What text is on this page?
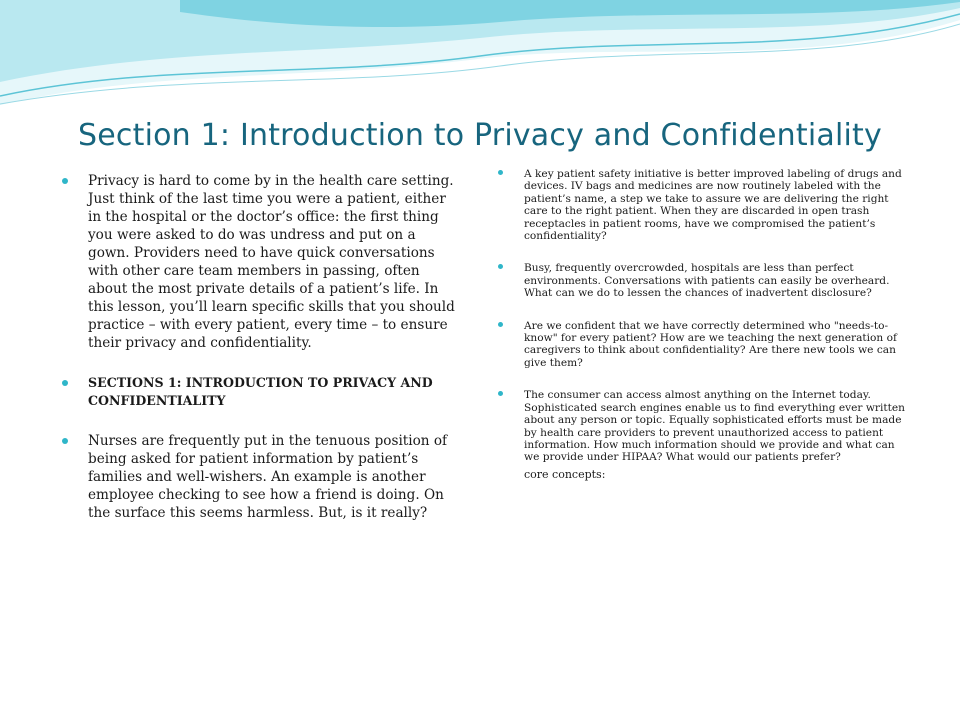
Section 1: Introduction to Privacy and Confidentiality

Privacy is hard to come by in the health care setting. Just think of the last time you were a patient, either in the hospital or the doctor’s office: the first thing you were asked to do was undress and put on a gown. Providers need to have quick conversations with other care team members in passing, often about the most private details of a patient’s life. In this lesson, you’ll learn specific skills that you should practice – with every patient, every time – to ensure their privacy and confidentiality.

SECTIONS 1: INTRODUCTION TO PRIVACY AND CONFIDENTIALITY

Nurses are frequently put in the tenuous position of being asked for patient information by patient’s families and well-wishers. An example is another employee checking to see how a friend is doing. On the surface this seems harmless. But, is it really?

A key patient safety initiative is better improved labeling of drugs and devices. IV bags and medicines are now routinely labeled with the patient’s name, a step we take to assure we are delivering the right care to the right patient. When they are discarded in open trash receptacles in patient rooms, have we compromised the patient’s confidentiality?

Busy, frequently overcrowded, hospitals are less than perfect environments. Conversations with patients can easily be overheard. What can we do to lessen the chances of inadvertent disclosure?

Are we confident that we have correctly determined who "needs-to-know" for every patient? How are we teaching the next generation of caregivers to think about confidentiality? Are there new tools we can give them?

The consumer can access almost anything on the Internet today. Sophisticated search engines enable us to find everything ever written about any person or topic. Equally sophisticated efforts must be made by health care providers to prevent unauthorized access to patient information. How much information should we provide and what can we provide under HIPAA? What would our patients prefer?

core concepts:
